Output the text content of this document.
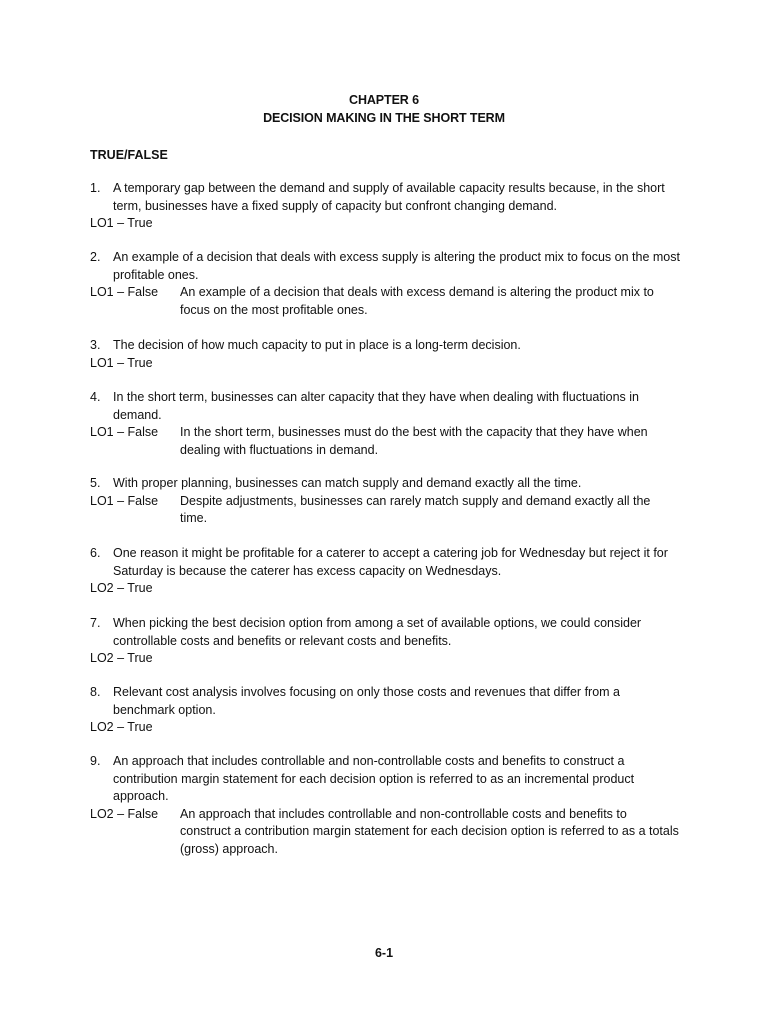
CHAPTER 6
DECISION MAKING IN THE SHORT TERM
TRUE/FALSE
1. A temporary gap between the demand and supply of available capacity results because, in the short term, businesses have a fixed supply of capacity but confront changing demand.
LO1 – True
2. An example of a decision that deals with excess supply is altering the product mix to focus on the most profitable ones.
LO1 – False	An example of a decision that deals with excess demand is altering the product mix to focus on the most profitable ones.
3. The decision of how much capacity to put in place is a long-term decision.
LO1 – True
4. In the short term, businesses can alter capacity that they have when dealing with fluctuations in demand.
LO1 – False	In the short term, businesses must do the best with the capacity that they have when dealing with fluctuations in demand.
5. With proper planning, businesses can match supply and demand exactly all the time.
LO1 – False	Despite adjustments, businesses can rarely match supply and demand exactly all the time.
6. One reason it might be profitable for a caterer to accept a catering job for Wednesday but reject it for Saturday is because the caterer has excess capacity on Wednesdays.
LO2 – True
7. When picking the best decision option from among a set of available options, we could consider controllable costs and benefits or relevant costs and benefits.
LO2 – True
8. Relevant cost analysis involves focusing on only those costs and revenues that differ from a benchmark option.
LO2 – True
9. An approach that includes controllable and non-controllable costs and benefits to construct a contribution margin statement for each decision option is referred to as an incremental product approach.
LO2 – False	An approach that includes controllable and non-controllable costs and benefits to construct a contribution margin statement for each decision option is referred to as a totals (gross) approach.
6-1
